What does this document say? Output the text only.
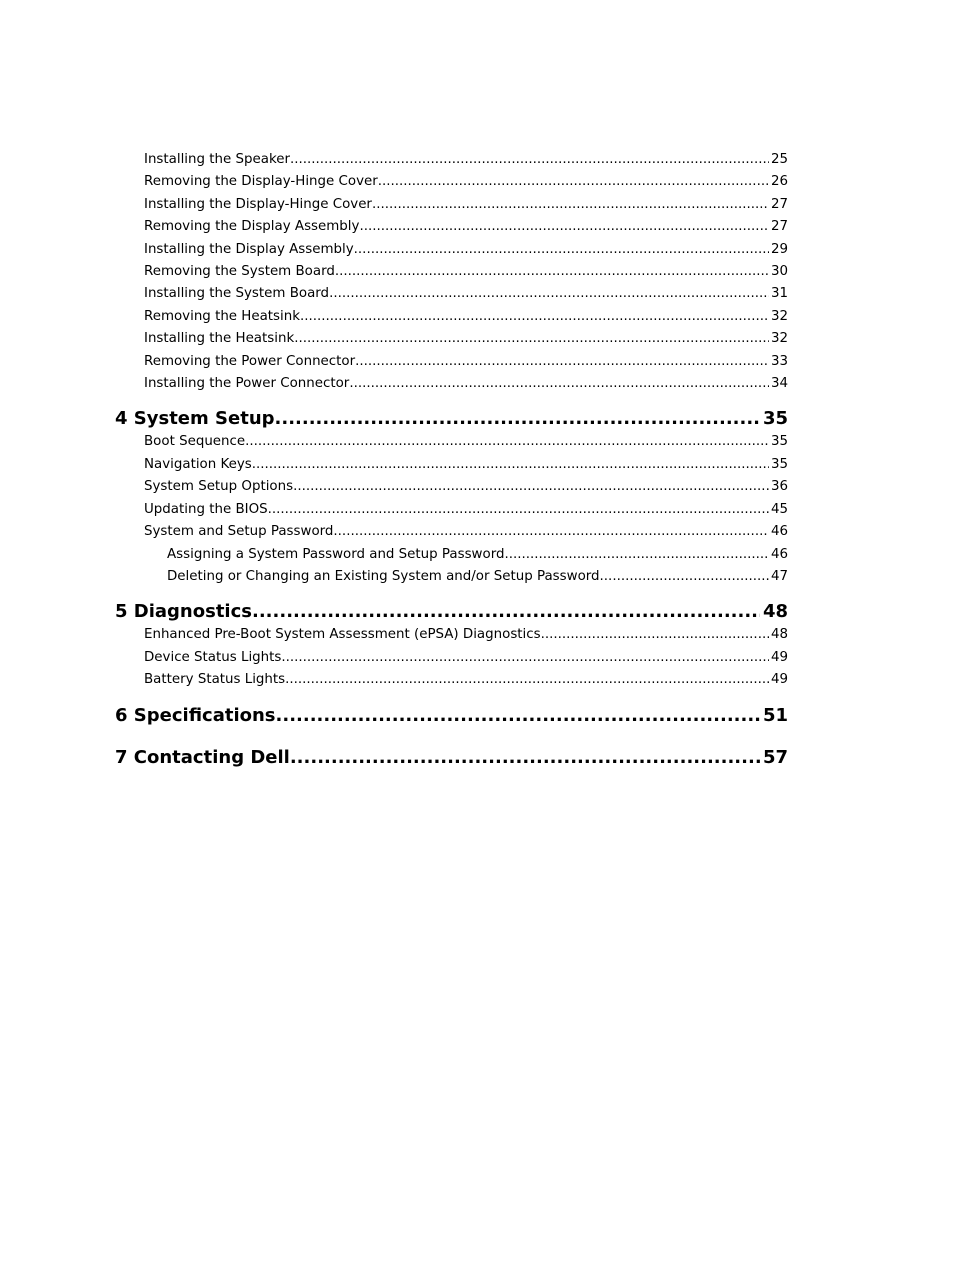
Installing the Speaker .....	25
Removing the Display-Hinge Cover .....	26
Installing the Display-Hinge Cover .....	27
Removing the Display Assembly .....	27
Installing the Display Assembly .....	29
Removing the System Board .....	30
Installing the System Board .....	31
Removing the Heatsink .....	32
Installing the Heatsink .....	32
Removing the Power Connector .....	33
Installing the Power Connector .....	34
4 System Setup .....	35
Boot Sequence .....	35
Navigation Keys .....	35
System Setup Options .....	36
Updating the BIOS .....	45
System and Setup Password .....	46
Assigning a System Password and Setup Password .....	46
Deleting or Changing an Existing System and/or Setup Password .....	47
5 Diagnostics .....	48
Enhanced Pre-Boot System Assessment (ePSA) Diagnostics .....	48
Device Status Lights .....	49
Battery Status Lights .....	49
6 Specifications .....	51
7 Contacting Dell .....	57
